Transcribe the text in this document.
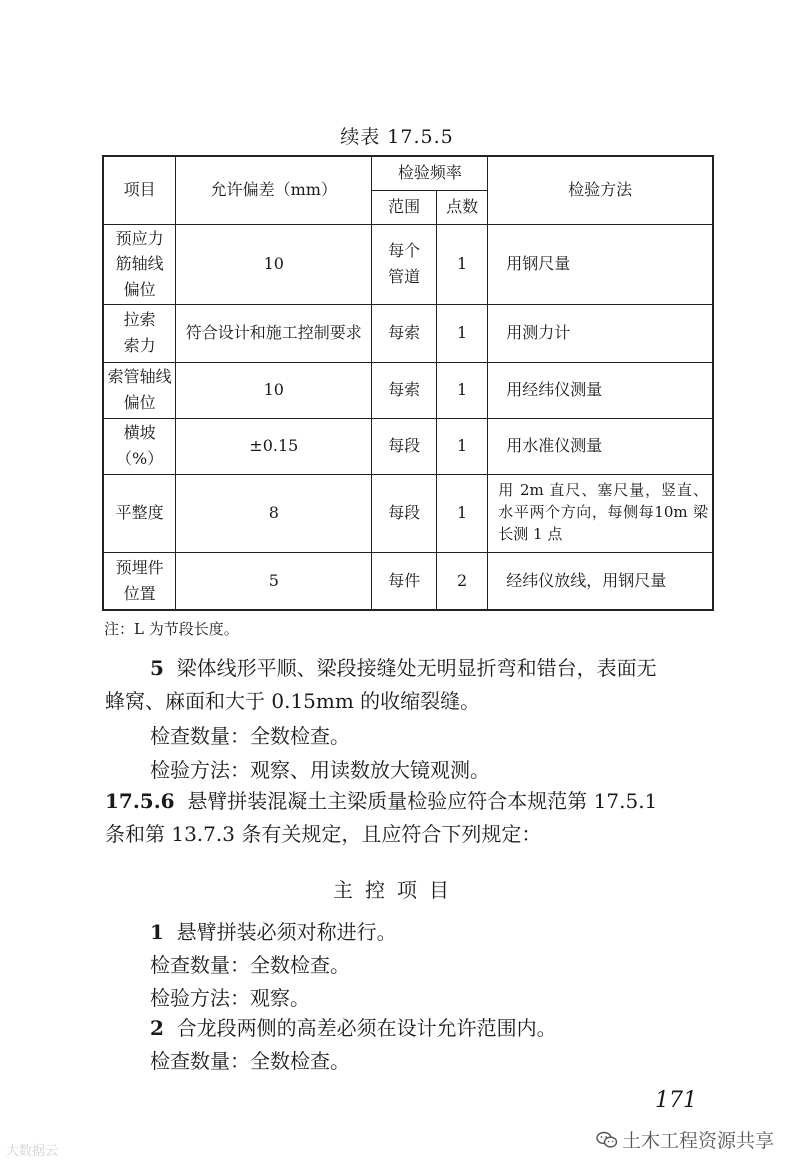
续表 17.5.5
项目	允许偏差（mm）	检验频率		检验方法
		范围	点数	
预应力筋轴线偏位	10	每个管道	1	用钢尺量
拉索索力	符合设计和施工控制要求	每索	1	用测力计
索管轴线偏位	10	每索	1	用经纬仪测量
横坡（%）	±0.15	每段	1	用水准仪测量
平整度	8	每段	1	用 2m 直尺、塞尺量，竖直、水平两个方向，每侧每10m 梁长测 1 点
预埋件位置	5	每件	2	经纬仪放线，用钢尺量
注：L 为节段长度。
5 梁体线形平顺、梁段接缝处无明显折弯和错台，表面无
蜂窝、麻面和大于 0.15mm 的收缩裂缝。
检查数量：全数检查。
检验方法：观察、用读数放大镜观测。
17.5.6 悬臂拼装混凝土主梁质量检验应符合本规范第 17.5.1
条和第 13.7.3 条有关规定，且应符合下列规定：
主控项目
1 悬臂拼装必须对称进行。
检查数量：全数检查。
检验方法：观察。
2 合龙段两侧的高差必须在设计允许范围内。
检查数量：全数检查。
171
大数据云	土木工程资源共享
